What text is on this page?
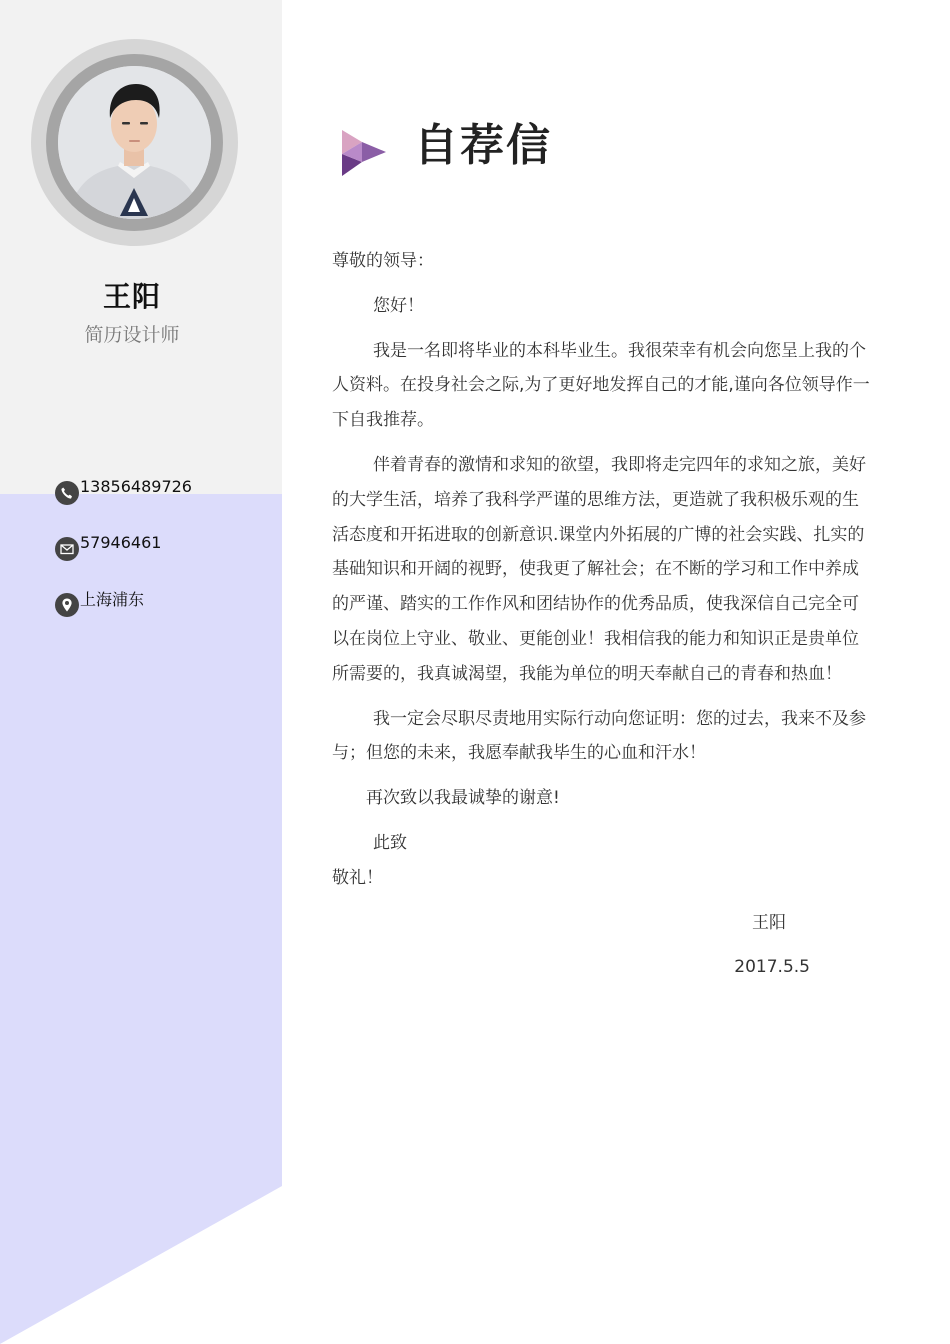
王阳
简历设计师
13856489726
57946461
上海浦东
自荐信

尊敬的领导：

您好！

我是一名即将毕业的本科毕业生。我很荣幸有机会向您呈上我的个人资料。在投身社会之际,为了更好地发挥自己的才能,谨向各位领导作一下自我推荐。

伴着青春的激情和求知的欲望，我即将走完四年的求知之旅，美好的大学生活，培养了我科学严谨的思维方法，更造就了我积极乐观的生活态度和开拓进取的创新意识.课堂内外拓展的广博的社会实践、扎实的基础知识和开阔的视野，使我更了解社会；在不断的学习和工作中养成的严谨、踏实的工作作风和团结协作的优秀品质，使我深信自己完全可以在岗位上守业、敬业、更能创业！我相信我的能力和知识正是贵单位所需要的，我真诚渴望，我能为单位的明天奉献自己的青春和热血！

我一定会尽职尽责地用实际行动向您证明：您的过去，我来不及参与；但您的未来，我愿奉献我毕生的心血和汗水！

再次致以我最诚挚的谢意!

此致

敬礼！

王阳

2017.5.5
